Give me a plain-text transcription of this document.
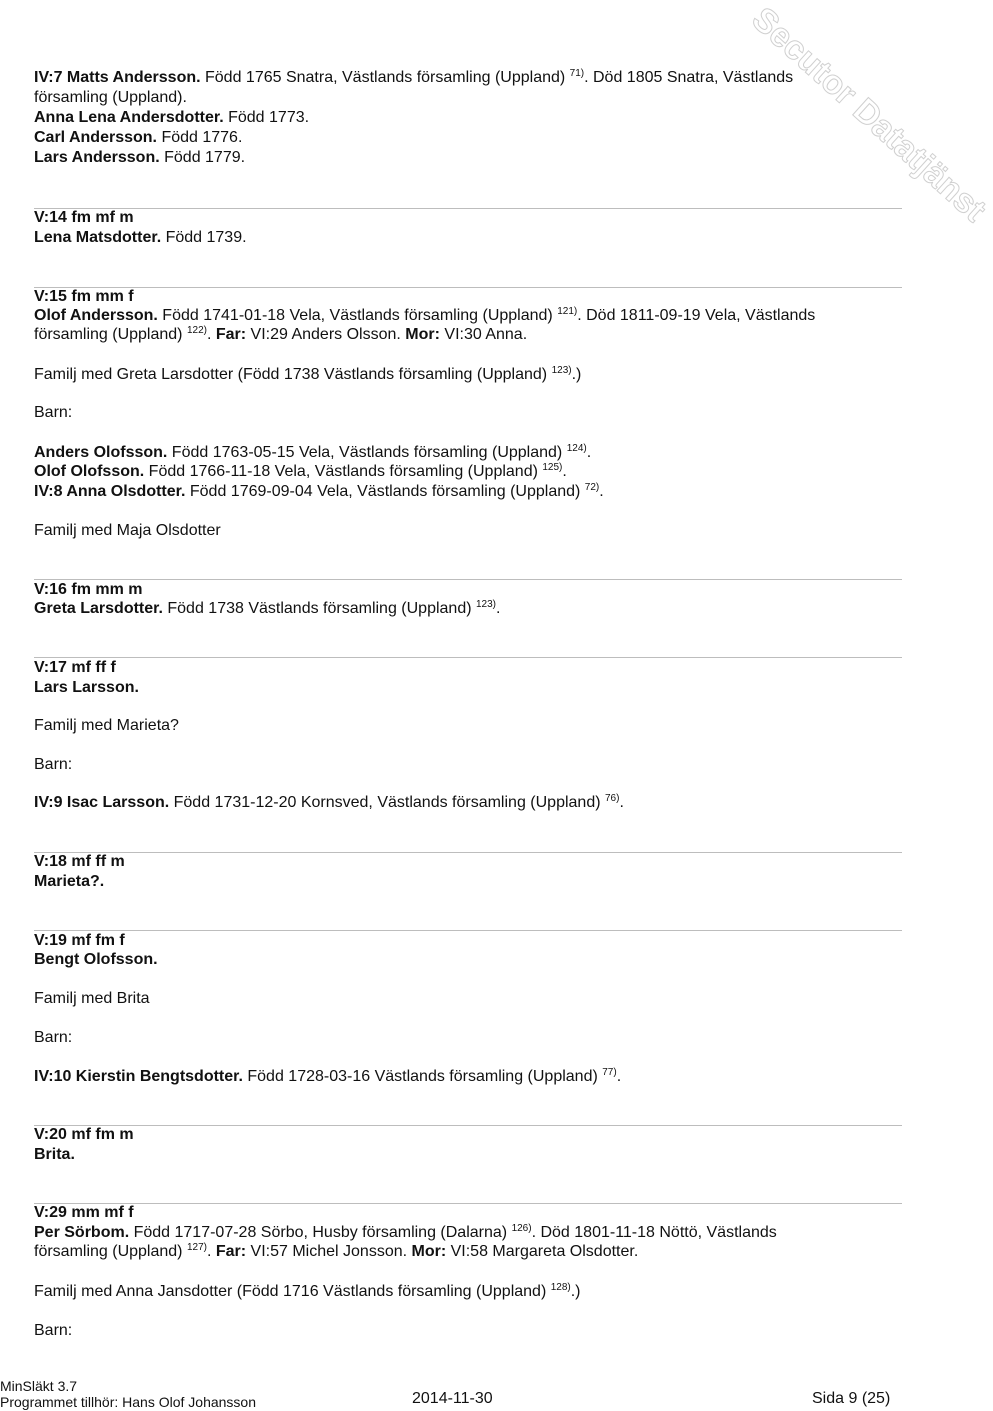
Secutor Datatjänst
IV:7 Matts Andersson. Född 1765 Snatra, Västlands församling (Uppland) $^{71)}$. Död 1805 Snatra, Västlands
församling (Uppland).
Anna Lena Andersdotter. Född 1773.
Carl Andersson. Född 1776.
Lars Andersson. Född 1779.
V:14 fm mf m
Lena Matsdotter. Född 1739.
V:15 fm mm f
Olof Andersson. Född 1741-01-18 Vela, Västlands församling (Uppland) $^{121)}$. Död 1811-09-19 Vela, Västlands
församling (Uppland) $^{122)}$. Far: VI:29 Anders Olsson. Mor: VI:30 Anna.
Familj med Greta Larsdotter (Född 1738 Västlands församling (Uppland) $^{123)}$.)
Barn:
Anders Olofsson. Född 1763-05-15 Vela, Västlands församling (Uppland) $^{124)}$.
Olof Olofsson. Född 1766-11-18 Vela, Västlands församling (Uppland) $^{125)}$.
IV:8 Anna Olsdotter. Född 1769-09-04 Vela, Västlands församling (Uppland) $^{72)}$.
Familj med Maja Olsdotter
V:16 fm mm m
Greta Larsdotter. Född 1738 Västlands församling (Uppland) $^{123)}$.
V:17 mf ff f
Lars Larsson.
Familj med Marieta?
Barn:
IV:9 Isac Larsson. Född 1731-12-20 Kornsved, Västlands församling (Uppland) $^{76)}$.
V:18 mf ff m
Marieta?.
V:19 mf fm f
Bengt Olofsson.
Familj med Brita
Barn:
IV:10 Kierstin Bengtsdotter. Född 1728-03-16 Västlands församling (Uppland) $^{77)}$.
V:20 mf fm m
Brita.
V:29 mm mf f
Per Sörbom. Född 1717-07-28 Sörbo, Husby församling (Dalarna) $^{126)}$. Död 1801-11-18 Nöttö, Västlands
församling (Uppland) $^{127)}$. Far: VI:57 Michel Jonsson. Mor: VI:58 Margareta Olsdotter.
Familj med Anna Jansdotter (Född 1716 Västlands församling (Uppland) $^{128)}$.)
Barn:
MinSläkt 3.7
Programmet tillhör: Hans Olof Johansson	2014-11-30	Sida 9 (25)
